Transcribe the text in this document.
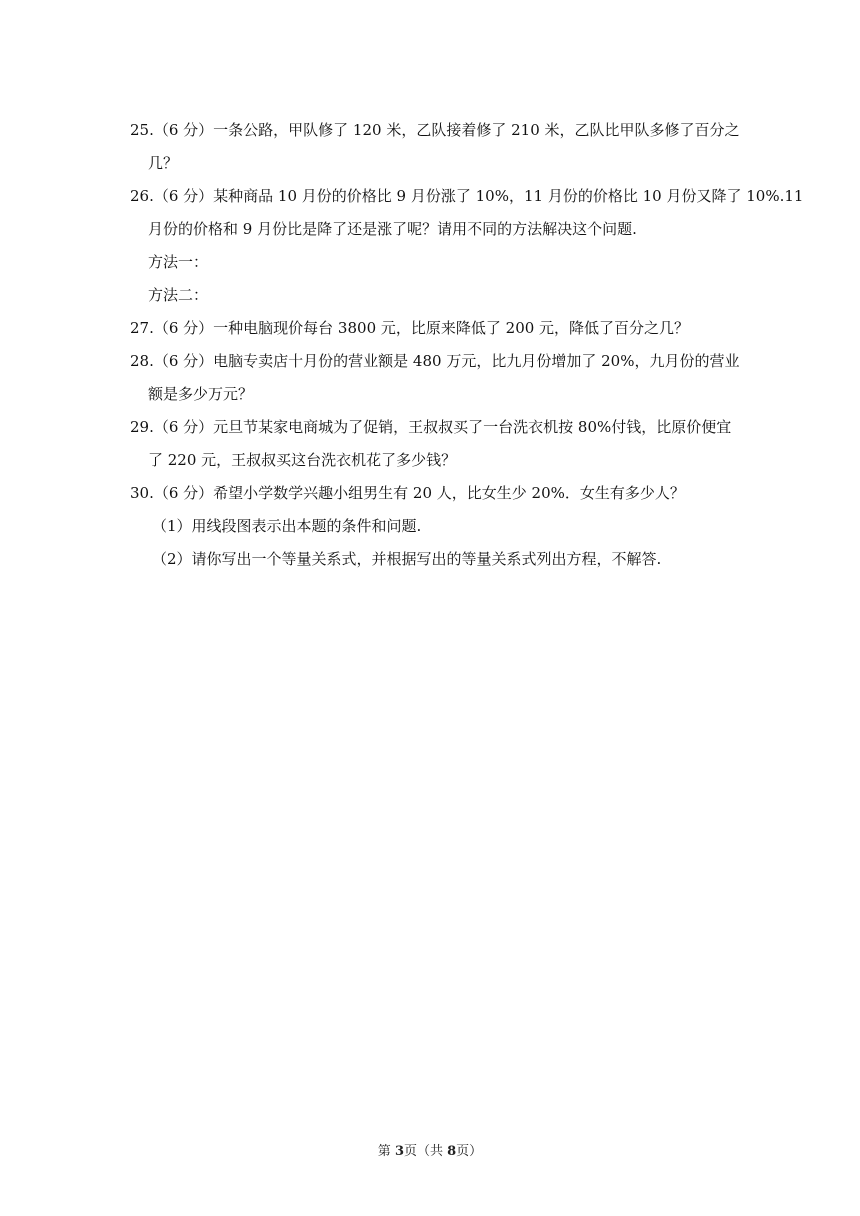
25.（6 分）一条公路，甲队修了 120 米，乙队接着修了 210 米，乙队比甲队多修了百分之
几？
26.（6 分）某种商品 10 月份的价格比 9 月份涨了 10%，11 月份的价格比 10 月份又降了 10%.11
月份的价格和 9 月份比是降了还是涨了呢？请用不同的方法解决这个问题.
方法一：
方法二：
27.（6 分）一种电脑现价每台 3800 元，比原来降低了 200 元，降低了百分之几？
28.（6 分）电脑专卖店十月份的营业额是 480 万元，比九月份增加了 20%，九月份的营业
额是多少万元？
29.（6 分）元旦节某家电商城为了促销，王叔叔买了一台洗衣机按 80%付钱，比原价便宜
了 220 元，王叔叔买这台洗衣机花了多少钱？
30.（6 分）希望小学数学兴趣小组男生有 20 人，比女生少 20%．女生有多少人？
（1）用线段图表示出本题的条件和问题.
（2）请你写出一个等量关系式，并根据写出的等量关系式列出方程，不解答.
第 3页（共 8页）
